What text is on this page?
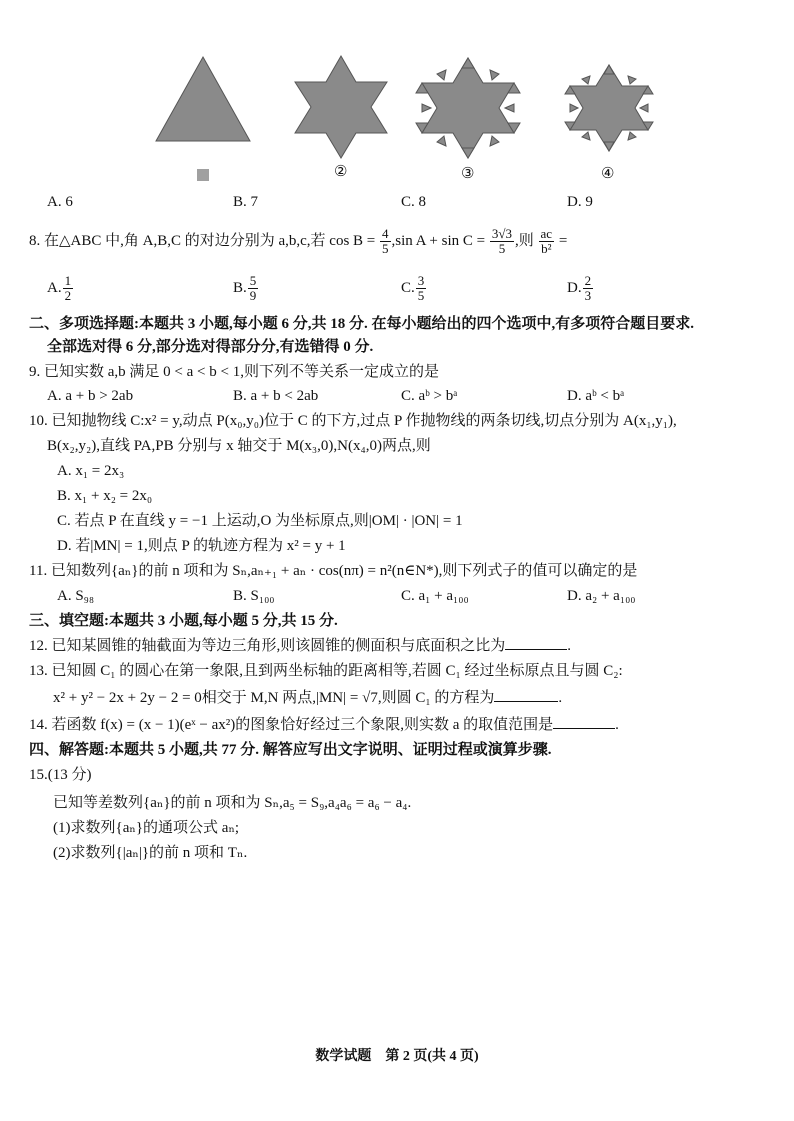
②	③	④
A. 6	B. 7	C. 8	D. 9
8. 在△ABC 中,角 A,B,C 的对边分别为 a,b,c,若 $\cos B = \frac{4}{5} ,\sin$ $A + \sin C = \frac{3√3}{5}$ ,则 $\frac{ac}{\text{b²}}$ =
A. $\frac{1}{2}$	B. $\frac{5}{9}$	C. $\frac{3}{5}$	D. $\frac{2}{3}$
二、多项选择题:本题共 3 小题,每小题 6 分,共 18 分. 在每小题给出的四个选项中,有多项符合题目要求.
全部选对得 6 分,部分选对得部分分,有选错得 0 分.
9. 已知实数 a,b 满足 0 < a < b < 1,则下列不等关系一定成立的是
A. a + b > 2ab	B. a + b < 2ab	C. aᵇ > bᵃ	D. aᵇ < bᵃ
10. 已知抛物线 C:x² = y,动点 P(x₀,y₀)位于 C 的下方,过点 P 作抛物线的两条切线,切点分别为 A(x₁,y₁),
B(x₂,y₂),直线 PA,PB 分别与 x 轴交于 M(x₃,0),N(x₄,0)两点,则
A. x₁ = 2x₃
B. x₁ + x₂ = 2x₀
C. 若点 P 在直线 y = −1 上运动,O 为坐标原点,则|OM| · |ON| = 1
D. 若|MN| = 1,则点 P 的轨迹方程为 x² = y + 1
11. 已知数列{aₙ}的前 n 项和为 Sₙ,aₙ₊₁ + aₙ · cos(nπ) = n²(n∈N*),则下列式子的值可以确定的是
A. S₉₈	B. S₁₀₀	C. a₁ + a₁₀₀	D. a₂ + a₁₀₀
三、填空题:本题共 3 小题,每小题 5 分,共 15 分.
12. 已知某圆锥的轴截面为等边三角形,则该圆锥的侧面积与底面积之比为	.
13. 已知圆 C₁ 的圆心在第一象限,且到两坐标轴的距离相等,若圆 C₁ 经过坐标原点且与圆 C₂:
x² + y² − 2x + 2y − 2 = 0相交于 M,N 两点,|MN| = √7,则圆 C₁ 的方程为	.
14. 若函数 f(x) = (x − 1)(eˣ − ax²)的图象恰好经过三个象限,则实数 a 的取值范围是	.
四、解答题:本题共 5 小题,共 77 分. 解答应写出文字说明、证明过程或演算步骤.
15.(13 分)
已知等差数列{aₙ}的前 n 项和为 Sₙ,a₅ = S₉,a₄a₆ = a₆ − a₄.
(1)求数列{aₙ}的通项公式 aₙ;
(2)求数列{|aₙ|}的前 n 项和 Tₙ.
数学试题　第 2 页(共 4 页)
